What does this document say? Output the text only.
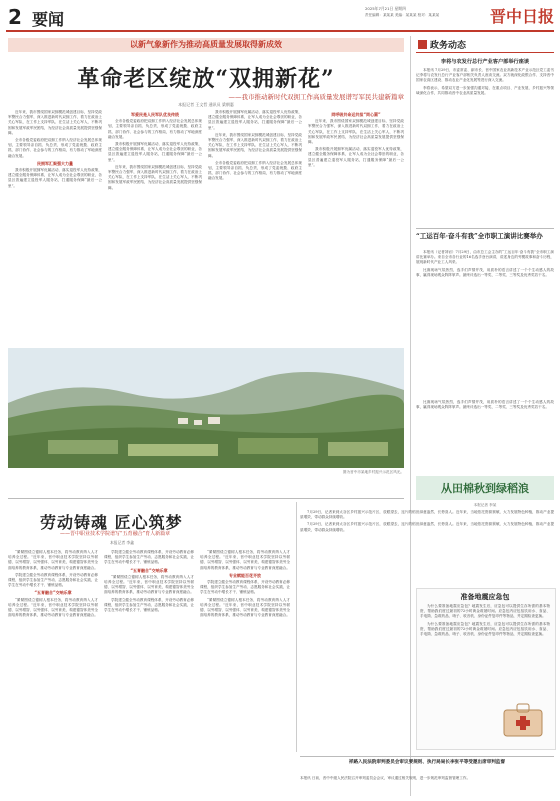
2 要闻
2025年7月21日 星期四
责任编辑：某某某 美编：某某某 校对：某某某	晋中日报
以新气象新作为推动高质量发展取得新成效
革命老区绽放“双拥新花”
——我市推动新时代双拥工作高质量发展谱写军民共建新篇章
本报记者 王文哲 通讯员 梁朝惠

近年来，我市围绕国家双拥模范城创建目标，坚持党政军警民合力强军，深入推进新时代双拥工作，着力在政治上关心军队、在工作上支持军队、在生活上关心军人，不断巩固和发展军政军民团结，为经济社会高质量发展提供坚强保障。

全市各级党委政府把双拥工作纳入经济社会发展总体规划，主要领导亲自抓、负总责，形成了党委统揽、政府主抓、部门协作、社会参与的工作格局，有力推动了军地深度融合发展。

民拥军汇聚强大力量

我市积极开展拥军优属活动，落实退役军人优待政策，建立健全服务保障体系，让军人成为全社会尊崇的职业，各县区普遍建立退役军人服务站，打通服务保障“最后一公里”。

军爱民是人民军队优良传统

全市各级党委政府把双拥工作纳入经济社会发展总体规划，主要领导亲自抓、负总责，形成了党委统揽、政府主抓、部门协作、社会参与的工作格局，有力推动了军地深度融合发展。

我市积极开展拥军优属活动，落实退役军人优待政策，建立健全服务保障体系，让军人成为全社会尊崇的职业，各县区普遍建立退役军人服务站，打通服务保障“最后一公里”。

近年来，我市围绕国家双拥模范城创建目标，坚持党政军警民合力强军，深入推进新时代双拥工作，着力在政治上关心军队、在工作上支持军队、在生活上关心军人，不断巩固和发展军政军民团结，为经济社会高质量发展提供坚强保障。

我市积极开展拥军优属活动，落实退役军人优待政策，建立健全服务保障体系，让军人成为全社会尊崇的职业，各县区普遍建立退役军人服务站，打通服务保障“最后一公里”。

近年来，我市围绕国家双拥模范城创建目标，坚持党政军警民合力强军，深入推进新时代双拥工作，着力在政治上关心军队、在工作上支持军队、在生活上关心军人，不断巩固和发展军政军民团结，为经济社会高质量发展提供坚强保障。

全市各级党委政府把双拥工作纳入经济社会发展总体规划，主要领导亲自抓、负总责，形成了党委统揽、政府主抓、部门协作、社会参与的工作格局，有力推动了军地深度融合发展。

同呼吸共命运共担“同心圆”

近年来，我市围绕国家双拥模范城创建目标，坚持党政军警民合力强军，深入推进新时代双拥工作，着力在政治上关心军队、在工作上支持军队、在生活上关心军人，不断巩固和发展军政军民团结，为经济社会高质量发展提供坚强保障。

我市积极开展拥军优属活动，落实退役军人优待政策，建立健全服务保障体系，让军人成为全社会尊崇的职业，各县区普遍建立退役军人服务站，打通服务保障“最后一公里”。

图为晋中市某地乡村振兴示范区风光。
劳动铸魂 匠心筑梦
——晋中职业技术学院谱写“五育融合”育人新篇章
本报记者 李鑫

“紧紧围绕立德树人根本任务，将劳动教育纳入人才培养全过程。”近年来，晋中职业技术学院坚持以劳树德、以劳增智、以劳强体、以劳育美，构建德智体美劳全面培养的教育体系，推动劳动教育与专业教育深度融合。

学院建立健全劳动教育课程体系，开设劳动教育必修课程，组织学生参加生产劳动、志愿服务和社会实践，让学生在劳动中增长才干、锤炼品格。

“五育融合”交响乐章

“紧紧围绕立德树人根本任务，将劳动教育纳入人才培养全过程。”近年来，晋中职业技术学院坚持以劳树德、以劳增智、以劳强体、以劳育美，构建德智体美劳全面培养的教育体系，推动劳动教育与专业教育深度融合。

学院建立健全劳动教育课程体系，开设劳动教育必修课程，组织学生参加生产劳动、志愿服务和社会实践，让学生在劳动中增长才干、锤炼品格。

“五育融合”交响乐章

“紧紧围绕立德树人根本任务，将劳动教育纳入人才培养全过程。”近年来，晋中职业技术学院坚持以劳树德、以劳增智、以劳强体、以劳育美，构建德智体美劳全面培养的教育体系，推动劳动教育与专业教育深度融合。

学院建立健全劳动教育课程体系，开设劳动教育必修课程，组织学生参加生产劳动、志愿服务和社会实践，让学生在劳动中增长才干、锤炼品格。

“紧紧围绕立德树人根本任务，将劳动教育纳入人才培养全过程。”近年来，晋中职业技术学院坚持以劳树德、以劳增智、以劳强体、以劳育美，构建德智体美劳全面培养的教育体系，推动劳动教育与专业教育深度融合。

专业赋能百花齐放

学院建立健全劳动教育课程体系，开设劳动教育必修课程，组织学生参加生产劳动、志愿服务和社会实践，让学生在劳动中增长才干、锤炼品格。

“紧紧围绕立德树人根本任务，将劳动教育纳入人才培养全过程。”近年来，晋中职业技术学院坚持以劳树德、以劳增智、以劳强体、以劳育美，构建德智体美劳全面培养的教育体系，推动劳动教育与专业教育深度融合。

政务动态
李将与农发行总行产业客户部举行座谈

本报讯 7月29日，市委常委、副市长、晋中国家农业高新技术产业示范区党工委书记李将与农发行总行产业客户部相关负责人座谈交流。双方就深化政银合作、支持晋中国家农高区建设、推动农业产业化发展等进行深入交流。

李将表示，希望双方进一步加强沟通对接，在重点项目、产业发展、乡村振兴等领域深化合作，共同推动晋中农业高质量发展。

“工运百年·奋斗有我”全市职工演讲比赛举办

本报讯（记者刘岩）7月29日，由市总工会主办的“工运百年·奋斗有我”全市职工演讲比赛举办。来自全市各行业的16名选手登台演讲，讲述身边的劳模故事和奋斗历程，展现新时代产业工人风采。

比赛现场气氛热烈，选手们声情并茂，用质朴的语言讲述了一个个生动感人的故事，赢得现场观众阵阵掌声。最终评选出一等奖、二等奖、三等奖及优秀奖若干名。

比赛现场气氛热烈，选手们声情并茂，用质朴的语言讲述了一个个生动感人的故事，赢得现场观众阵阵掌声。最终评选出一等奖、二等奖、三等奖及优秀奖若干名。

从田棉秋到绿稻浪
本报记者 李某

7月29日，记者来到太谷区乡村振兴示范片区，放眼望去，连片的稻田绿意盎然，长势喜人。近年来，当地依托资源禀赋，大力发展特色种植，推动产业提质增效，带动群众持续增收。

7月29日，记者来到太谷区乡村振兴示范片区，放眼望去，连片的稻田绿意盎然，长势喜人。近年来，当地依托资源禀赋，大力发展特色种植，推动产业提质增效，带动群众持续增收。

准备地震应急包

为什么要准备地震应急包？地震发生后，应急包可以提供生存所需的基本物资，帮助我们度过最初的72小时黄金救援时间。应急包内应包括饮用水、食品、手电筒、急救药品、哨子、收音机、身份证件复印件等物品，并定期检查更换。

为什么要准备地震应急包？地震发生后，应急包可以提供生存所需的基本物资，帮助我们度过最初的72小时黄金救援时间。应急包内应包括饮用水、食品、手电筒、急救药品、哨子、收音机、身份证件复印件等物品，并定期检查更换。

祥路入民法院审判委员会审议要规则、执行局局长李张平等受邀出席审判监督
本报讯 日前，晋中中级人民法院召开审判委员会会议，审议通过相关规则，进一步规范审判监督管理工作。
